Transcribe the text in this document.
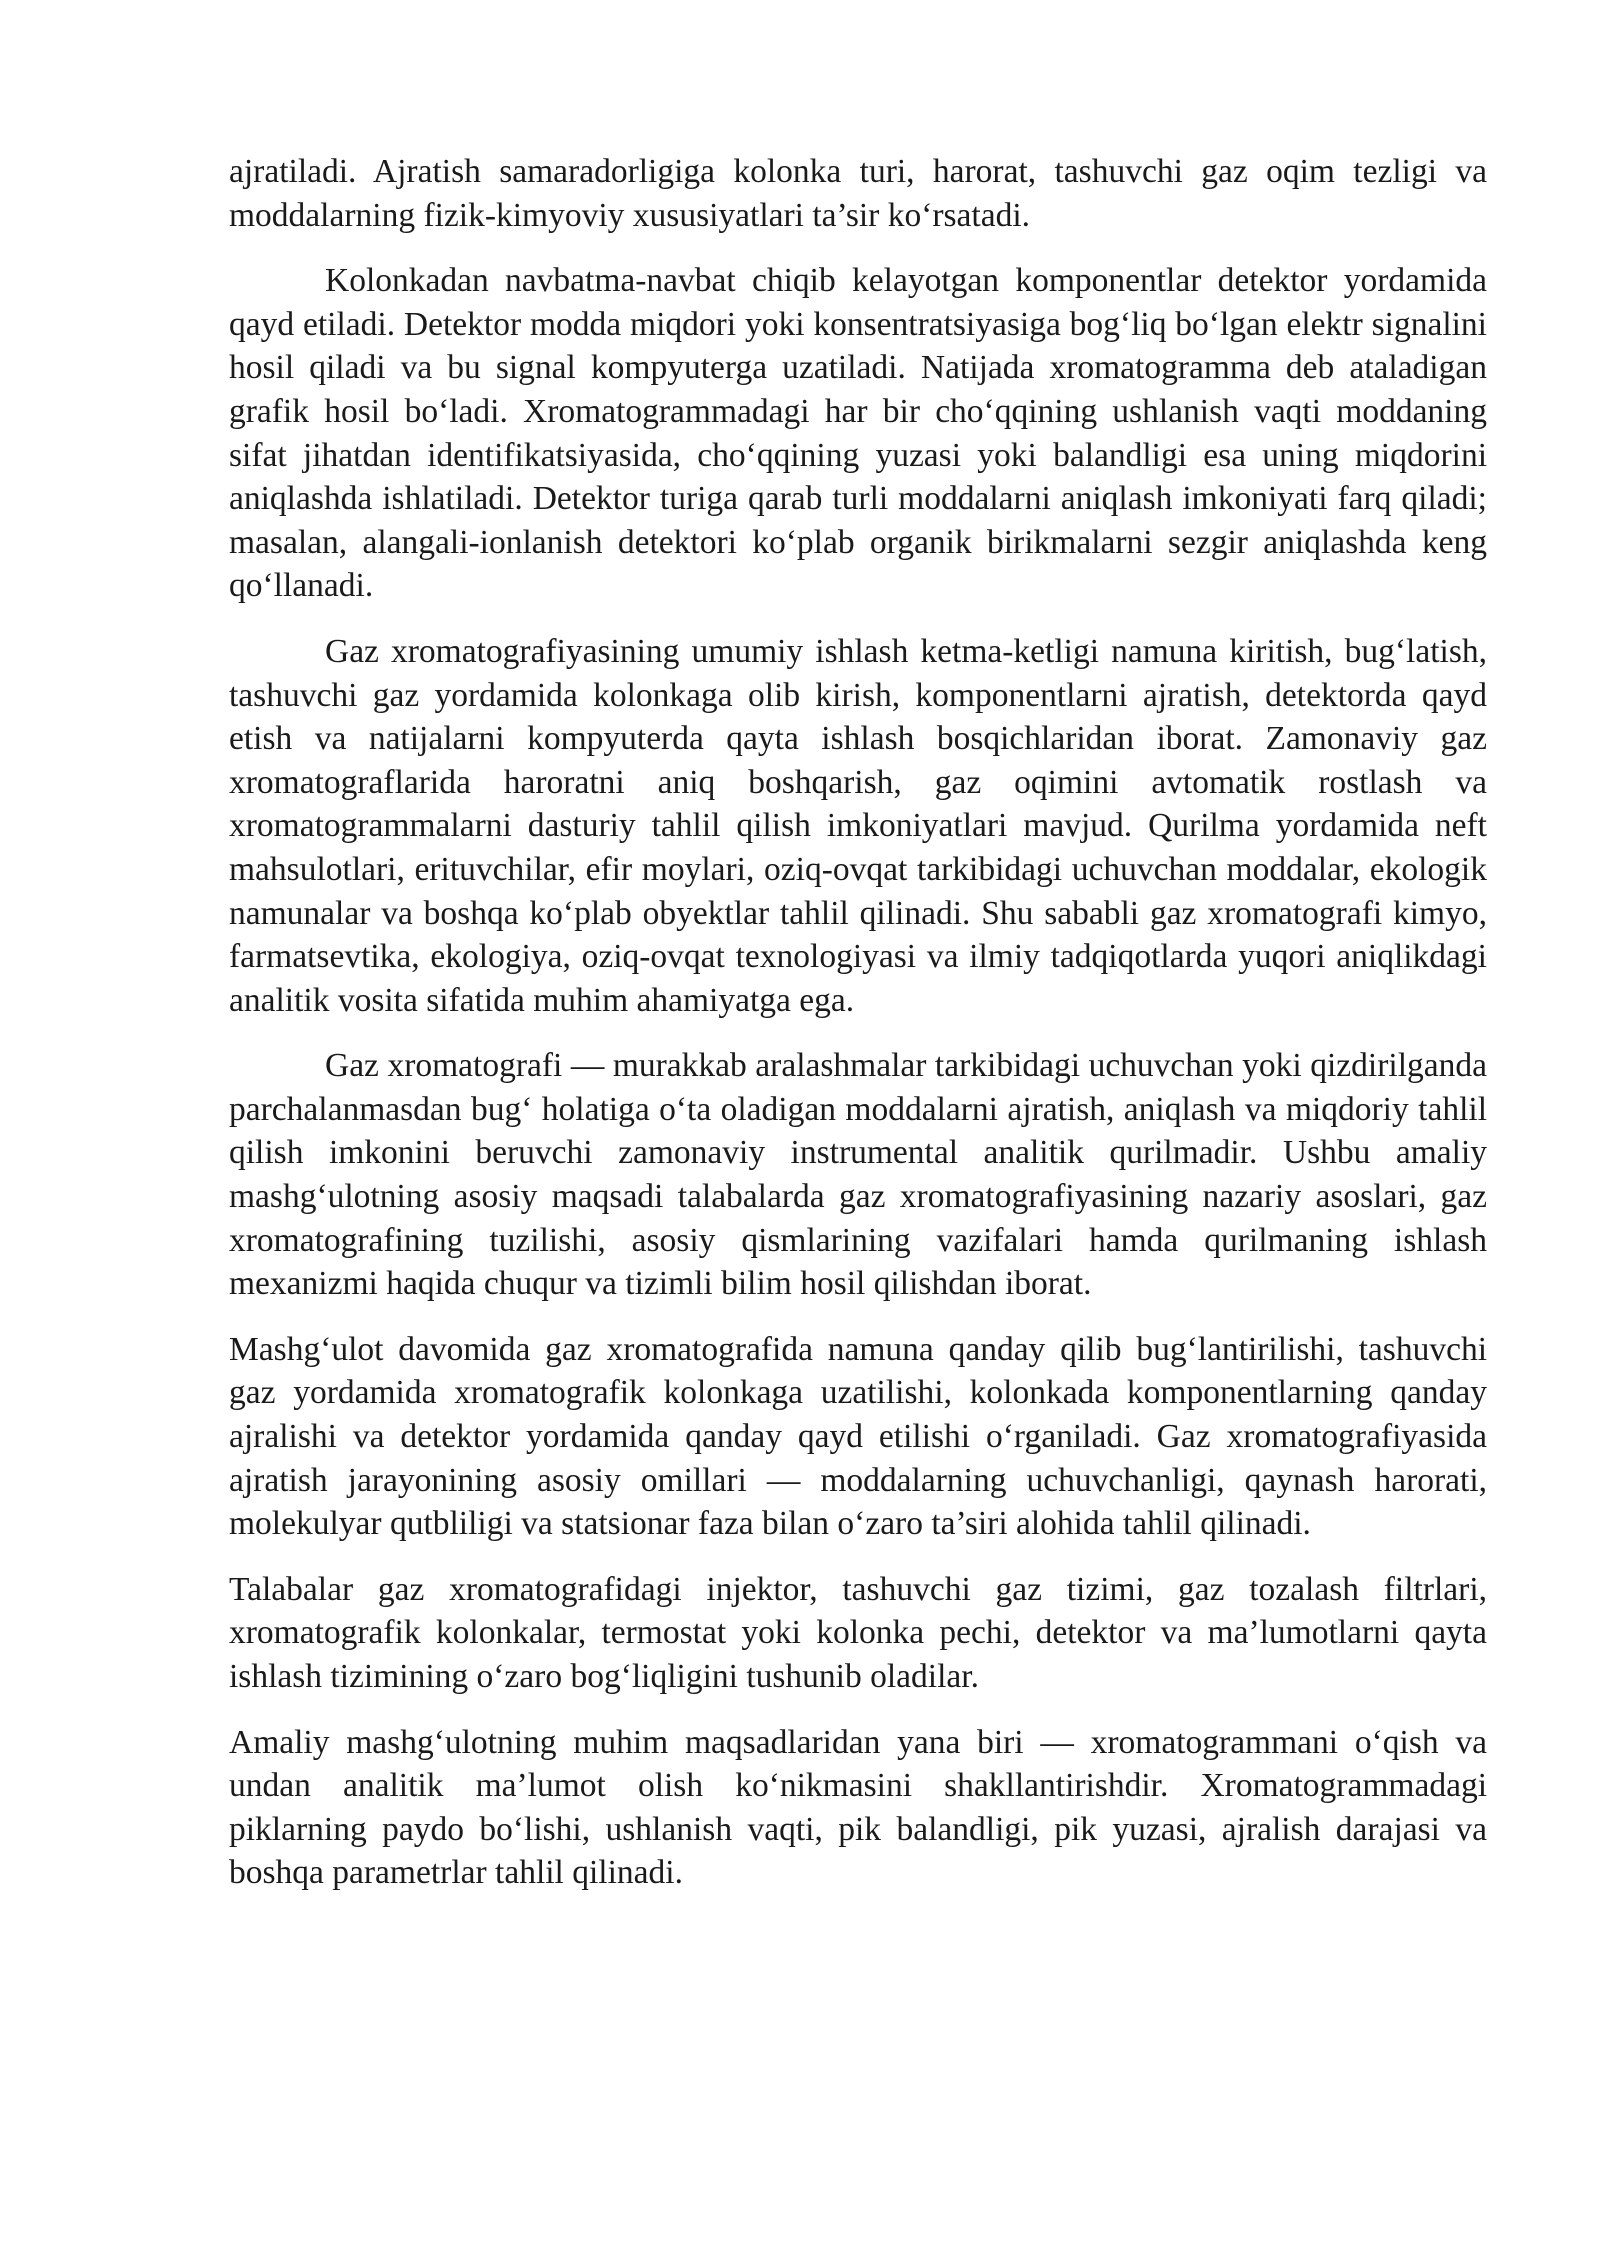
ajratiladi. Ajratish samaradorligiga kolonka turi, harorat, tashuvchi gaz oqim tezligi va moddalarning fizik-kimyoviy xususiyatlari ta’sir ko‘rsatadi.

Kolonkadan navbatma-navbat chiqib kelayotgan komponentlar detektor yordamida qayd etiladi. Detektor modda miqdori yoki konsentratsiyasiga bog‘liq bo‘lgan elektr signalini hosil qiladi va bu signal kompyuterga uzatiladi. Natijada xromatogramma deb ataladigan grafik hosil bo‘ladi. Xromatogrammadagi har bir cho‘qqining ushlanish vaqti moddaning sifat jihatdan identifikatsiyasida, cho‘qqining yuzasi yoki balandligi esa uning miqdorini aniqlashda ishlatiladi. Detektor turiga qarab turli moddalarni aniqlash imkoniyati farq qiladi; masalan, alangali-ionlanish detektori ko‘plab organik birikmalarni sezgir aniqlashda keng qo‘llanadi.

Gaz xromatografiyasining umumiy ishlash ketma-ketligi namuna kiritish, bug‘latish, tashuvchi gaz yordamida kolonkaga olib kirish, komponentlarni ajratish, detektorda qayd etish va natijalarni kompyuterda qayta ishlash bosqichlaridan iborat. Zamonaviy gaz xromatograflarida haroratni aniq boshqarish, gaz oqimini avtomatik rostlash va xromatogrammalarni dasturiy tahlil qilish imkoniyatlari mavjud. Qurilma yordamida neft mahsulotlari, erituvchilar, efir moylari, oziq-ovqat tarkibidagi uchuvchan moddalar, ekologik namunalar va boshqa ko‘plab obyektlar tahlil qilinadi. Shu sababli gaz xromatografi kimyo, farmatsevtika, ekologiya, oziq-ovqat texnologiyasi va ilmiy tadqiqotlarda yuqori aniqlikdagi analitik vosita sifatida muhim ahamiyatga ega.

Gaz xromatografi — murakkab aralashmalar tarkibidagi uchuvchan yoki qizdirilganda parchalanmasdan bug‘ holatiga o‘ta oladigan moddalarni ajratish, aniqlash va miqdoriy tahlil qilish imkonini beruvchi zamonaviy instrumental analitik qurilmadir. Ushbu amaliy mashg‘ulotning asosiy maqsadi talabalarda gaz xromatografiyasining nazariy asoslari, gaz xromatografining tuzilishi, asosiy qismlarining vazifalari hamda qurilmaning ishlash mexanizmi haqida chuqur va tizimli bilim hosil qilishdan iborat.

Mashg‘ulot davomida gaz xromatografida namuna qanday qilib bug‘lantirilishi, tashuvchi gaz yordamida xromatografik kolonkaga uzatilishi, kolonkada komponentlarning qanday ajralishi va detektor yordamida qanday qayd etilishi o‘rganiladi. Gaz xromatografiyasida ajratish jarayonining asosiy omillari — moddalarning uchuvchanligi, qaynash harorati, molekulyar qutbliligi va statsionar faza bilan o‘zaro ta’siri alohida tahlil qilinadi.

Talabalar gaz xromatografidagi injektor, tashuvchi gaz tizimi, gaz tozalash filtrlari, xromatografik kolonkalar, termostat yoki kolonka pechi, detektor va ma’lumotlarni qayta ishlash tizimining o‘zaro bog‘liqligini tushunib oladilar.

Amaliy mashg‘ulotning muhim maqsadlaridan yana biri — xromatogrammani o‘qish va undan analitik ma’lumot olish ko‘nikmasini shakllantirishdir. Xromatogrammadagi piklarning paydo bo‘lishi, ushlanish vaqti, pik balandligi, pik yuzasi, ajralish darajasi va boshqa parametrlar tahlil qilinadi.
